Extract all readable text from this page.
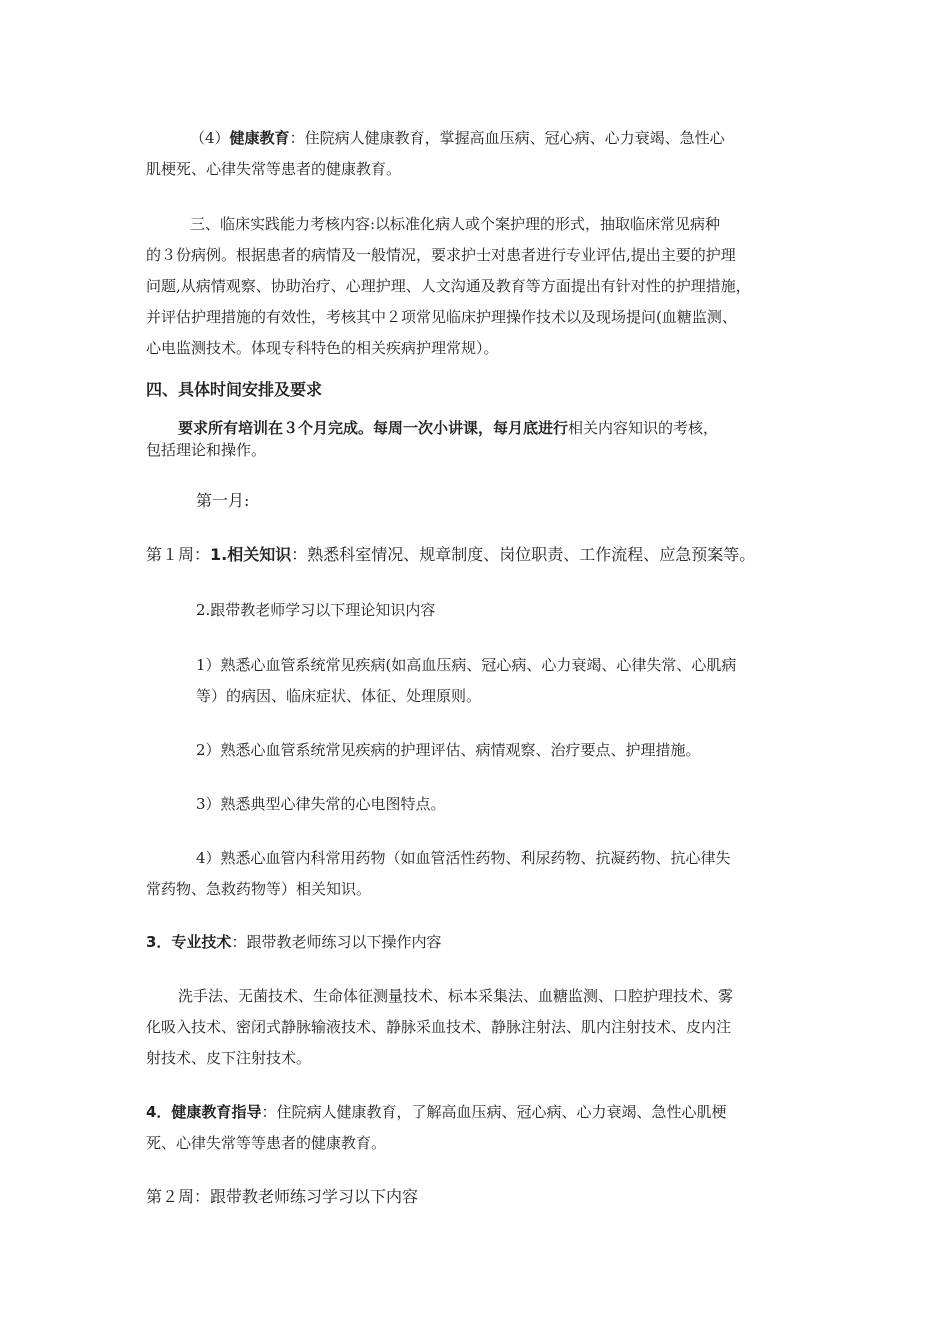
（4）健康教育：住院病人健康教育，掌握高血压病、冠心病、心力衰竭、急性心
肌梗死、心律失常等患者的健康教育。
三、临床实践能力考核内容:以标准化病人或个案护理的形式，抽取临床常见病种
的３份病例。根据患者的病情及一般情况，要求护士对患者进行专业评估,提出主要的护理
问题,从病情观察、协助治疗、心理护理、人文沟通及教育等方面提出有针对性的护理措施，
并评估护理措施的有效性，考核其中２项常见临床护理操作技术以及现场提问(血糖监测、
心电监测技术。体现专科特色的相关疾病护理常规）。
四、具体时间安排及要求
要求所有培训在３个月完成。每周一次小讲课，每月底进行相关内容知识的考核，
包括理论和操作。
第一月:
第１周：1.相关知识：熟悉科室情况、规章制度、岗位职责、工作流程、应急预案等。
2.跟带教老师学习以下理论知识内容
1）熟悉心血管系统常见疾病(如高血压病、冠心病、心力衰竭、心律失常、心肌病
等）的病因、临床症状、体征、处理原则。
2）熟悉心血管系统常见疾病的护理评估、病情观察、治疗要点、护理措施。
3）熟悉典型心律失常的心电图特点。
4）熟悉心血管内科常用药物（如血管活性药物、利尿药物、抗凝药物、抗心律失
常药物、急救药物等）相关知识。
3．专业技术：跟带教老师练习以下操作内容
洗手法、无菌技术、生命体征测量技术、标本采集法、血糖监测、口腔护理技术、雾
化吸入技术、密闭式静脉输液技术、静脉采血技术、静脉注射法、肌内注射技术、皮内注
射技术、皮下注射技术。
4．健康教育指导：住院病人健康教育，了解高血压病、冠心病、心力衰竭、急性心肌梗
死、心律失常等等患者的健康教育。
第２周：跟带教老师练习学习以下内容
